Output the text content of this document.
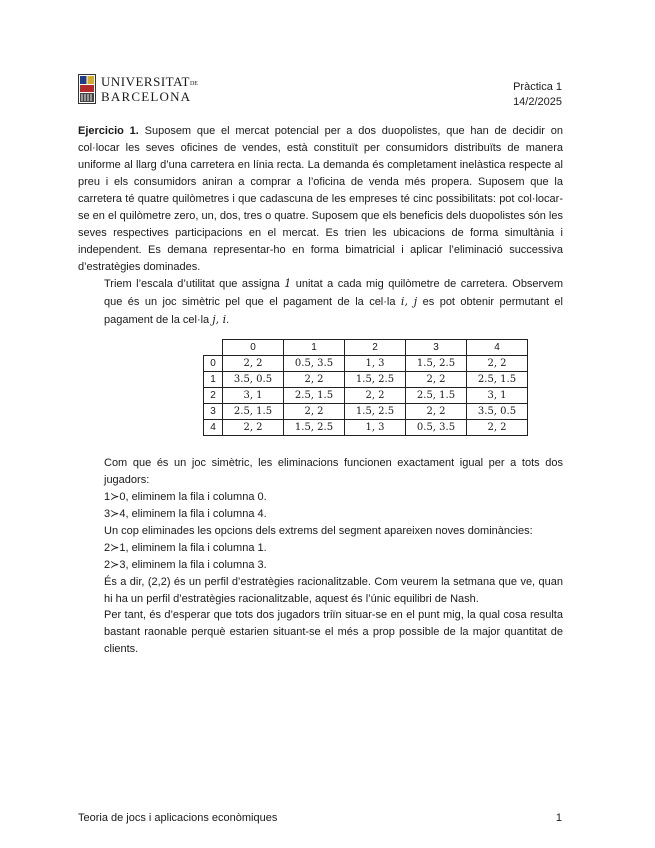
UNIVERSITATDE
BARCELONA
Pràctica 1
14/2/2025
Ejercicio 1. Suposem que el mercat potencial per a dos duopolistes, que han de decidir on col·locar les seves oficines de vendes, està constituït per consumidors distribuïts de manera uniforme al llarg d’una carretera en línia recta. La demanda és completament inelàstica respecte al preu i els consumidors aniran a comprar a l’oficina de venda més propera. Suposem que la carretera té quatre quilòmetres i que cadascuna de les empreses té cinc possibilitats: pot col·locar-se en el quilòmetre zero, un, dos, tres o quatre. Suposem que els beneficis dels duopolistes són les seves respectives participacions en el mercat. Es trien les ubicacions de forma simultània i independent. Es demana representar-ho en forma bimatricial i aplicar l’eliminació successiva d’estratègies dominades.
Triem l’escala d’utilitat que assigna 1 unitat a cada mig quilòmetre de carretera. Observem que és un joc simètric pel que el pagament de la cel·la i, j es pot obtenir permutant el pagament de la cel·la j, i.
	0	1	2	3	4
0	2, 2	0.5, 3.5	1, 3	1.5, 2.5	2, 2
1	3.5, 0.5	2, 2	1.5, 2.5	2, 2	2.5, 1.5
2	3, 1	2.5, 1.5	2, 2	2.5, 1.5	3, 1
3	2.5, 1.5	2, 2	1.5, 2.5	2, 2	3.5, 0.5
4	2, 2	1.5, 2.5	1, 3	0.5, 3.5	2, 2
Com que és un joc simètric, les eliminacions funcionen exactament igual per a tots dos jugadors:
1≻0, eliminem la fila i columna 0.
3≻4, eliminem la fila i columna 4.
Un cop eliminades les opcions dels extrems del segment apareixen noves dominàncies:
2≻1, eliminem la fila i columna 1.
2≻3, eliminem la fila i columna 3.
És a dir, (2,2) és un perfil d’estratègies racionalitzable. Com veurem la setmana que ve, quan hi ha un perfil d’estratègies racionalitzable, aquest és l’únic equilibri de Nash.
Per tant, és d’esperar que tots dos jugadors triïn situar-se en el punt mig, la qual cosa resulta bastant raonable perquè estarien situant-se el més a prop possible de la major quantitat de clients.
Teoria de jocs i aplicacions econòmiques	1
